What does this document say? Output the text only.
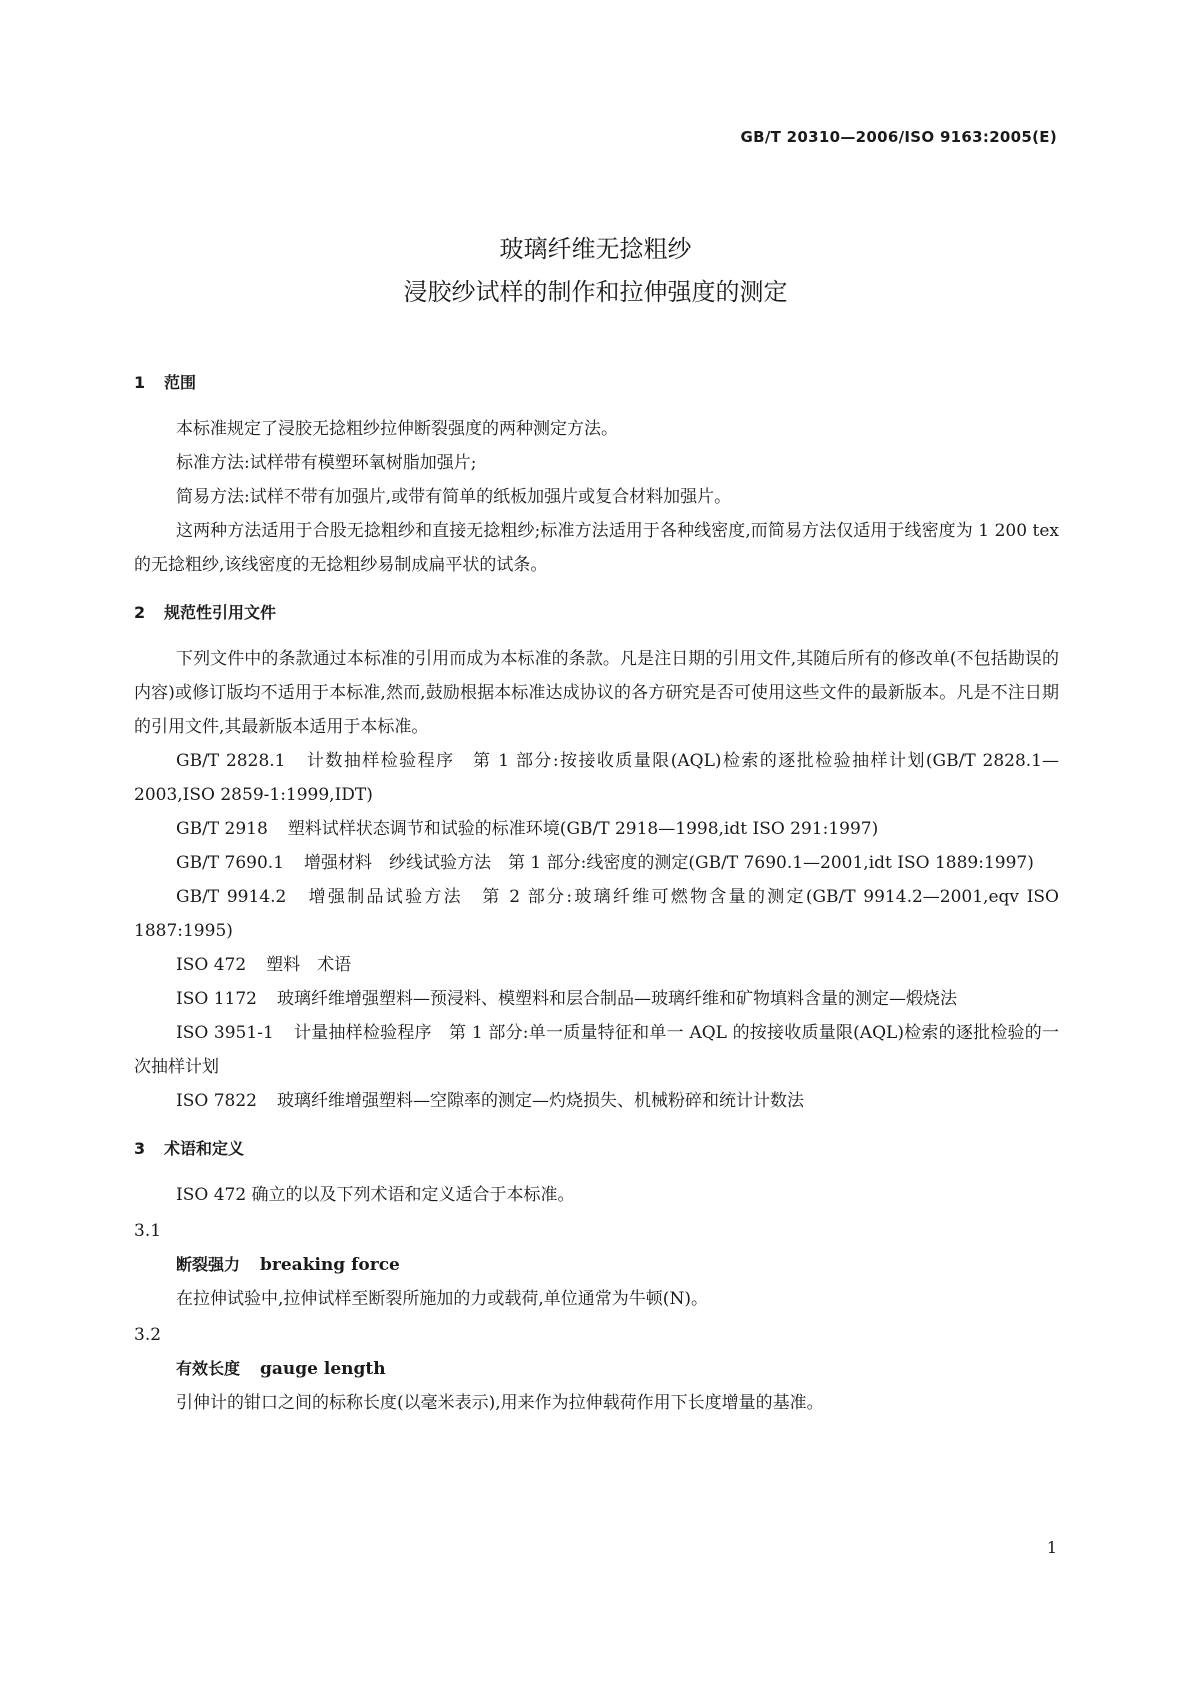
GB/T 20310—2006/ISO 9163:2005(E)
玻璃纤维无捻粗纱
浸胶纱试样的制作和拉伸强度的测定
1 范围
本标准规定了浸胶无捻粗纱拉伸断裂强度的两种测定方法。
标准方法:试样带有模塑环氧树脂加强片;
简易方法:试样不带有加强片,或带有简单的纸板加强片或复合材料加强片。
这两种方法适用于合股无捻粗纱和直接无捻粗纱;标准方法适用于各种线密度,而简易方法仅适用于线密度为 1 200 tex 的无捻粗纱,该线密度的无捻粗纱易制成扁平状的试条。
2 规范性引用文件
下列文件中的条款通过本标准的引用而成为本标准的条款。凡是注日期的引用文件,其随后所有的修改单(不包括勘误的内容)或修订版均不适用于本标准,然而,鼓励根据本标准达成协议的各方研究是否可使用这些文件的最新版本。凡是不注日期的引用文件,其最新版本适用于本标准。
GB/T 2828.1 计数抽样检验程序　第 1 部分:按接收质量限(AQL)检索的逐批检验抽样计划(GB/T 2828.1—2003,ISO 2859-1:1999,IDT)
GB/T 2918 塑料试样状态调节和试验的标准环境(GB/T 2918—1998,idt ISO 291:1997)
GB/T 7690.1 增强材料　纱线试验方法　第 1 部分:线密度的测定(GB/T 7690.1—2001,idt ISO 1889:1997)
GB/T 9914.2 增强制品试验方法　第 2 部分:玻璃纤维可燃物含量的测定(GB/T 9914.2—2001,eqv ISO 1887:1995)
ISO 472 塑料　术语
ISO 1172 玻璃纤维增强塑料—预浸料、模塑料和层合制品—玻璃纤维和矿物填料含量的测定—煅烧法
ISO 3951-1 计量抽样检验程序　第 1 部分:单一质量特征和单一 AQL 的按接收质量限(AQL)检索的逐批检验的一次抽样计划
ISO 7822 玻璃纤维增强塑料—空隙率的测定—灼烧损失、机械粉碎和统计计数法
3 术语和定义
ISO 472 确立的以及下列术语和定义适合于本标准。
3.1
断裂强力 breaking force
在拉伸试验中,拉伸试样至断裂所施加的力或载荷,单位通常为牛顿(N)。
3.2
有效长度 gauge length
引伸计的钳口之间的标称长度(以毫米表示),用来作为拉伸载荷作用下长度增量的基准。
1
